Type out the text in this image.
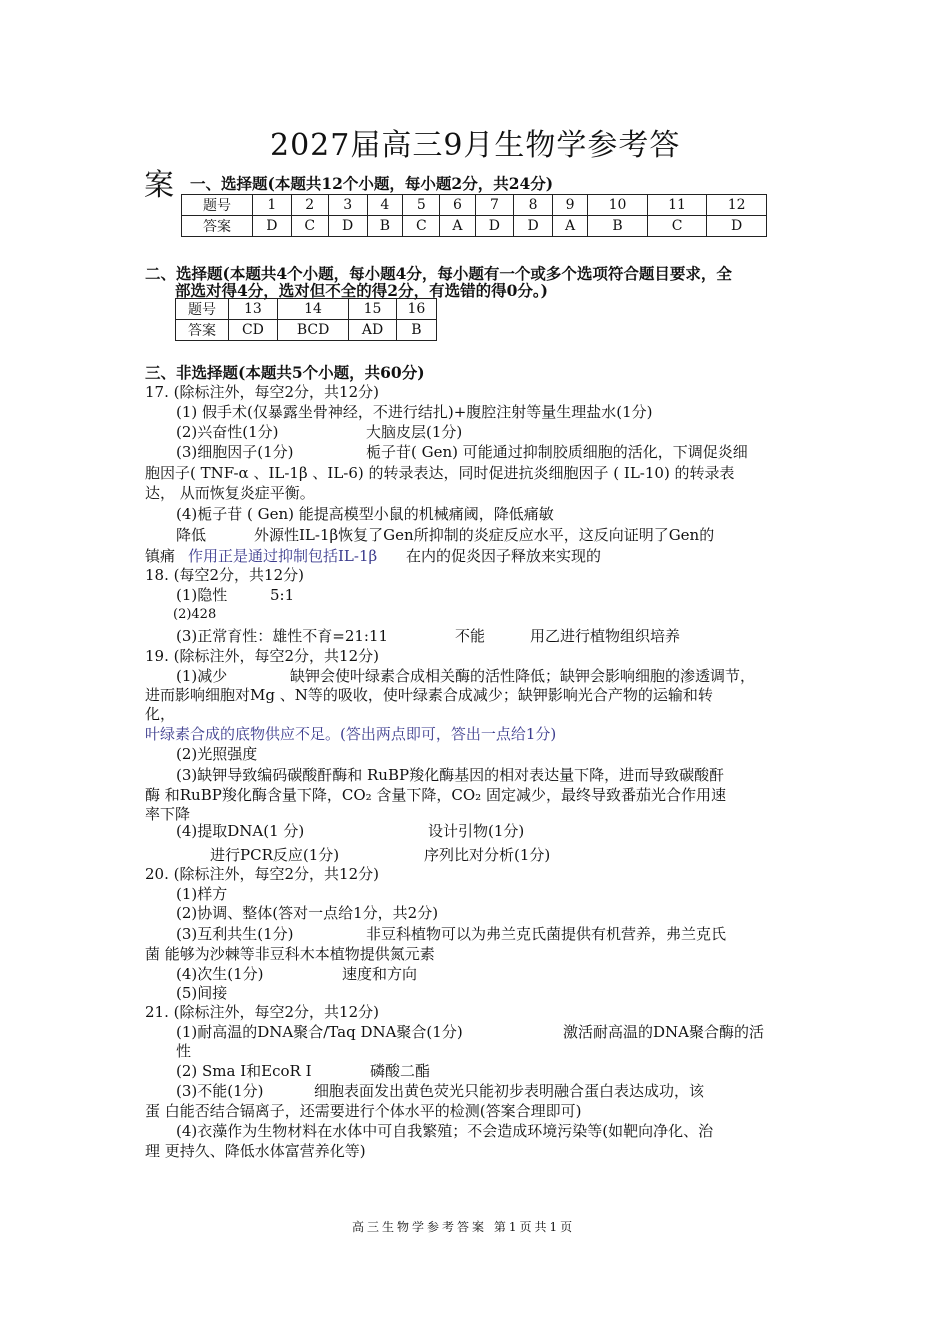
2027届高三9月生物学参考答
案 一、选择题(本题共12个小题，每小题2分，共24分)
题号	1	2	3	4	5	6	7	8	9	10	11	12
答案	D	C	D	B	C	A	D	D	A	B	C	D
二、选择题(本题共4个小题，每小题4分，每小题有一个或多个选项符合题目要求，全
部选对得4分，选对但不全的得2分，有选错的得0分。)
题号	13	14	15	16
答案	CD	BCD	AD	B
三、非选择题(本题共5个小题，共60分)
17. (除标注外，每空2分，共12分)
(1) 假手术(仅暴露坐骨神经，不进行结扎)+腹腔注射等量生理盐水(1分)
(2)兴奋性(1分)	大脑皮层(1分)
(3)细胞因子(1分)	栀子苷( Gen) 可能通过抑制胶质细胞的活化，下调促炎细
胞因子( TNF-α 、IL-1β 、IL-6) 的转录表达，同时促进抗炎细胞因子 ( IL-10) 的转录表
达， 从而恢复炎症平衡。
(4)栀子苷 ( Gen) 能提高模型小鼠的机械痛阈，降低痛敏
降低	外源性IL-1β恢复了Gen所抑制的炎症反应水平，这反向证明了Gen的
镇痛 作用正是通过抑制包括IL-1β 在内的促炎因子释放来实现的
18. (每空2分，共12分)
(1)隐性	5:1
(2)428
(3)正常育性：雄性不育=21:11	不能	用乙进行植物组织培养
19. (除标注外，每空2分，共12分)
(1)减少	缺钾会使叶绿素合成相关酶的活性降低；缺钾会影响细胞的渗透调节，
进而影响细胞对Mg 、N等的吸收，使叶绿素合成减少；缺钾影响光合产物的运输和转
化，
叶绿素合成的底物供应不足。(答出两点即可，答出一点给1分)
(2)光照强度
(3)缺钾导致编码碳酸酐酶和 RuBP羧化酶基因的相对表达量下降，进而导致碳酸酐
酶 和RuBP羧化酶含量下降，CO₂ 含量下降，CO₂ 固定减少，最终导致番茄光合作用速
率下降
(4)提取DNA(1 分)	设计引物(1分)
进行PCR反应(1分)	序列比对分析(1分)
20. (除标注外，每空2分，共12分)
(1)样方
(2)协调、整体(答对一点给1分，共2分)
(3)互利共生(1分)	非豆科植物可以为弗兰克氏菌提供有机营养，弗兰克氏
菌 能够为沙棘等非豆科木本植物提供氮元素
(4)次生(1分)	速度和方向
(5)间接
21. (除标注外，每空2分，共12分)
(1)耐高温的DNA聚合/Taq DNA聚合(1分)	激活耐高温的DNA聚合酶的活
性
(2) Sma Ⅰ和EcoR Ⅰ	磷酸二酯
(3)不能(1分)	细胞表面发出黄色荧光只能初步表明融合蛋白表达成功，该
蛋 白能否结合镉离子，还需要进行个体水平的检测(答案合理即可)
(4)衣藻作为生物材料在水体中可自我繁殖；不会造成环境污染等(如靶向净化、治
理 更持久、降低水体富营养化等)
高三生物学参考答案 第1页共1页
